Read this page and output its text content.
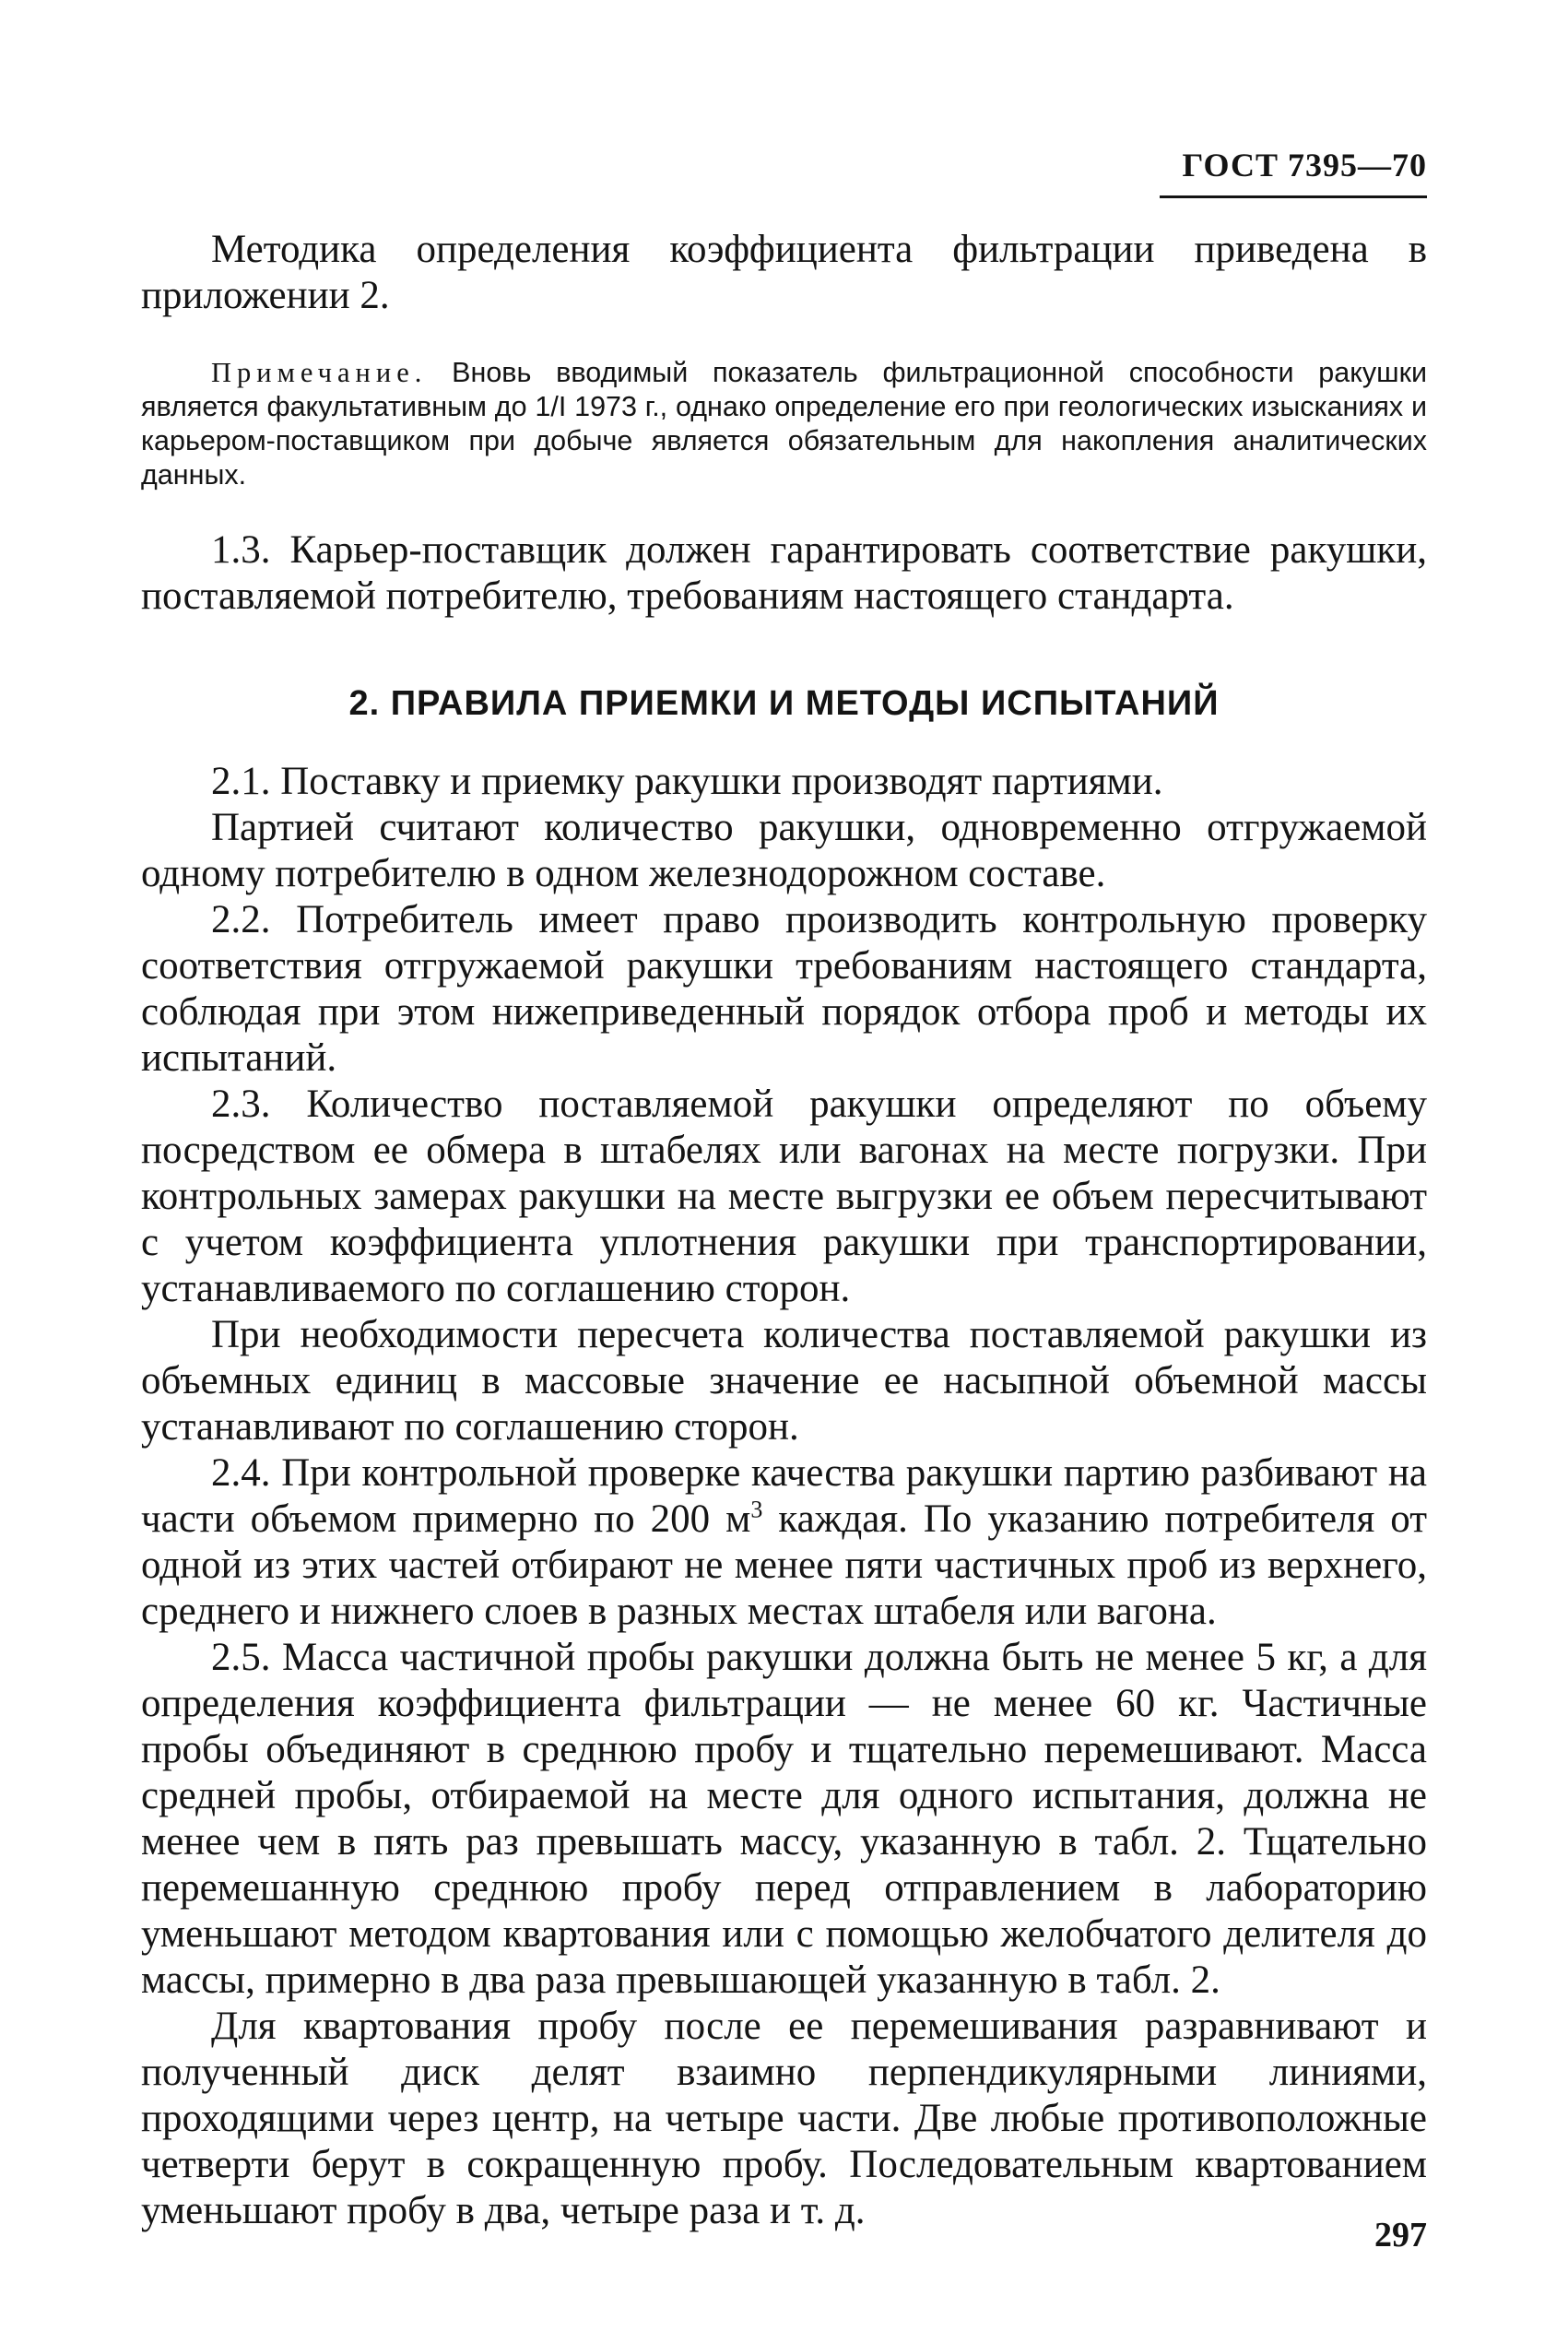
ГОСТ 7395—70

Методика определения коэффициента фильтрации приведена в приложении 2.

Примечание. Вновь вводимый показатель фильтрационной способности ракушки является факультативным до 1/I 1973 г., однако определение его при геологических изысканиях и карьером-поставщиком при добыче является обязательным для накопления аналитических данных.

1.3. Карьер-поставщик должен гарантировать соответствие ракушки, поставляемой потребителю, требованиям настоящего стандарта.

2. ПРАВИЛА ПРИЕМКИ И МЕТОДЫ ИСПЫТАНИЙ

2.1. Поставку и приемку ракушки производят партиями.

Партией считают количество ракушки, одновременно отгружаемой одному потребителю в одном железнодорожном составе.

2.2. Потребитель имеет право производить контрольную проверку соответствия отгружаемой ракушки требованиям настоящего стандарта, соблюдая при этом нижеприведенный порядок отбора проб и методы их испытаний.

2.3. Количество поставляемой ракушки определяют по объему посредством ее обмера в штабелях или вагонах на месте погрузки. При контрольных замерах ракушки на месте выгрузки ее объем пересчитывают с учетом коэффициента уплотнения ракушки при транспортировании, устанавливаемого по соглашению сторон.

При необходимости пересчета количества поставляемой ракушки из объемных единиц в массовые значение ее насыпной объемной массы устанавливают по соглашению сторон.

2.4. При контрольной проверке качества ракушки партию разбивают на части объемом примерно по 200 $м^3$ каждая. По указанию потребителя от одной из этих частей отбирают не менее пяти частичных проб из верхнего, среднего и нижнего слоев в разных местах штабеля или вагона.

2.5. Масса частичной пробы ракушки должна быть не менее 5 кг, а для определения коэффициента фильтрации — не менее 60 кг. Частичные пробы объединяют в среднюю пробу и тщательно перемешивают. Масса средней пробы, отбираемой на месте для одного испытания, должна не менее чем в пять раз превышать массу, указанную в табл. 2. Тщательно перемешанную среднюю пробу перед отправлением в лабораторию уменьшают методом квартования или с помощью желобчатого делителя до массы, примерно в два раза превышающей указанную в табл. 2.

Для квартования пробу после ее перемешивания разравнивают и полученный диск делят взаимно перпендикулярными линиями, проходящими через центр, на четыре части. Две любые противоположные четверти берут в сокращенную пробу. Последовательным квартованием уменьшают пробу в два, четыре раза и т. д.

297
